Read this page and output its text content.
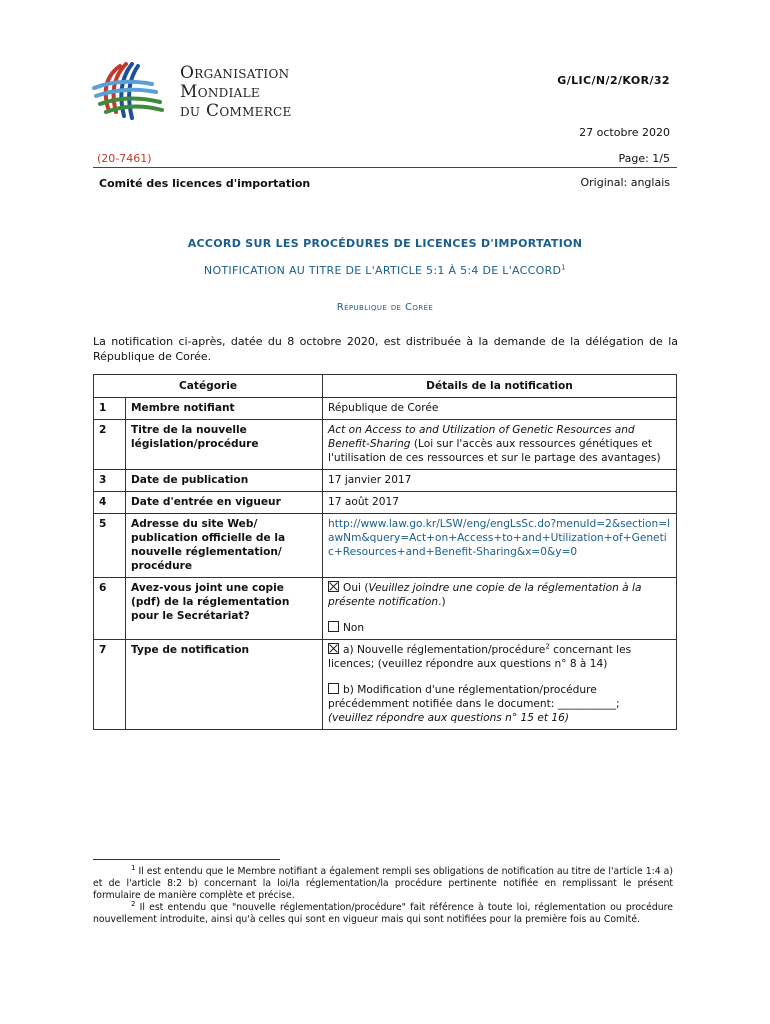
Organisation
Mondiale
du Commerce
G/LIC/N/2/KOR/32
27 octobre 2020
(20-7461)	Page: 1/5
Comité des licences d'importation	Original: anglais
ACCORD SUR LES PROCÉDURES DE LICENCES D'IMPORTATION
NOTIFICATION AU TITRE DE L'ARTICLE 5:1 À 5:4 DE L'ACCORD$^1$
République de Corée
La notification ci-après, datée du 8 octobre 2020, est distribuée à la demande de la délégation de la République de Corée.
Catégorie		Détails de la notification
1	Membre notifiant	République de Corée
2	Titre de la nouvelle législation/procédure	Act on Access to and Utilization of Genetic Resources and Benefit-Sharing (Loi sur l'accès aux ressources génétiques et l'utilisation de ces ressources et sur le partage des avantages)
3	Date de publication	17 janvier 2017
4	Date d'entrée en vigueur	17 août 2017
5	Adresse du site Web/ publication officielle de la nouvelle réglementation/ procédure	http://www.law.go.kr/LSW/eng/engLsSc.do?menuId=2&section=lawNm&query=Act+on+Access+to+and+Utilization+of+Genetic+Resources+and+Benefit-Sharing&x=0&y=0
6	Avez-vous joint une copie (pdf) de la réglementation pour le Secrétariat?	Oui (Veuillez joindre une copie de la réglementation à la présente notification.)
Non

7	Type de notification	a) Nouvelle réglementation/procédure$^2$ concernant les licences; (veuillez répondre aux questions n° 8 à 14)
b) Modification d'une réglementation/procédure précédemment notifiée dans le document: ___________;
(veuillez répondre aux questions n° 15 et 16)
$^1$ Il est entendu que le Membre notifiant a également rempli ses obligations de notification au titre de l'article 1:4 a) et de l'article 8:2 b) concernant la loi/la réglementation/la procédure pertinente notifiée en remplissant le présent formulaire de manière complète et précise.
$^2$ Il est entendu que "nouvelle réglementation/procédure" fait référence à toute loi, réglementation ou procédure nouvellement introduite, ainsi qu'à celles qui sont en vigueur mais qui sont notifiées pour la première fois au Comité.
